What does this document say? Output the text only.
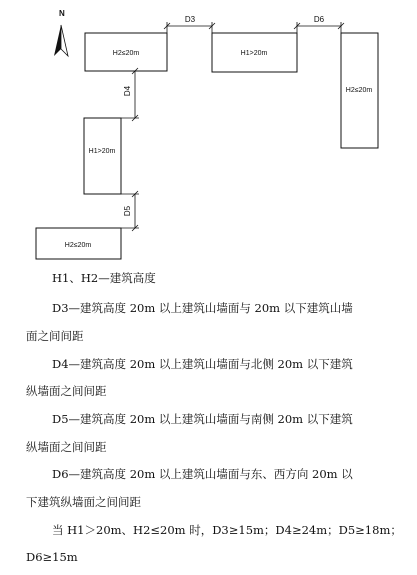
N
H2≤20m	H1>20m
H2≤20m
H1>20m
H2≤20m
D3	D6
D4
D5
H1、H2—建筑高度
D3—建筑高度 20m 以上建筑山墙面与 20m 以下建筑山墙
面之间间距
D4—建筑高度 20m 以上建筑山墙面与北侧 20m 以下建筑
纵墙面之间间距
D5—建筑高度 20m 以上建筑山墙面与南侧 20m 以下建筑
纵墙面之间间距
D6—建筑高度 20m 以上建筑山墙面与东、西方向 20m 以
下建筑纵墙面之间间距
当 H1＞20m、H2≤20m 时，D3≥15m；D4≥24m；D5≥18m；
D6≥15m
